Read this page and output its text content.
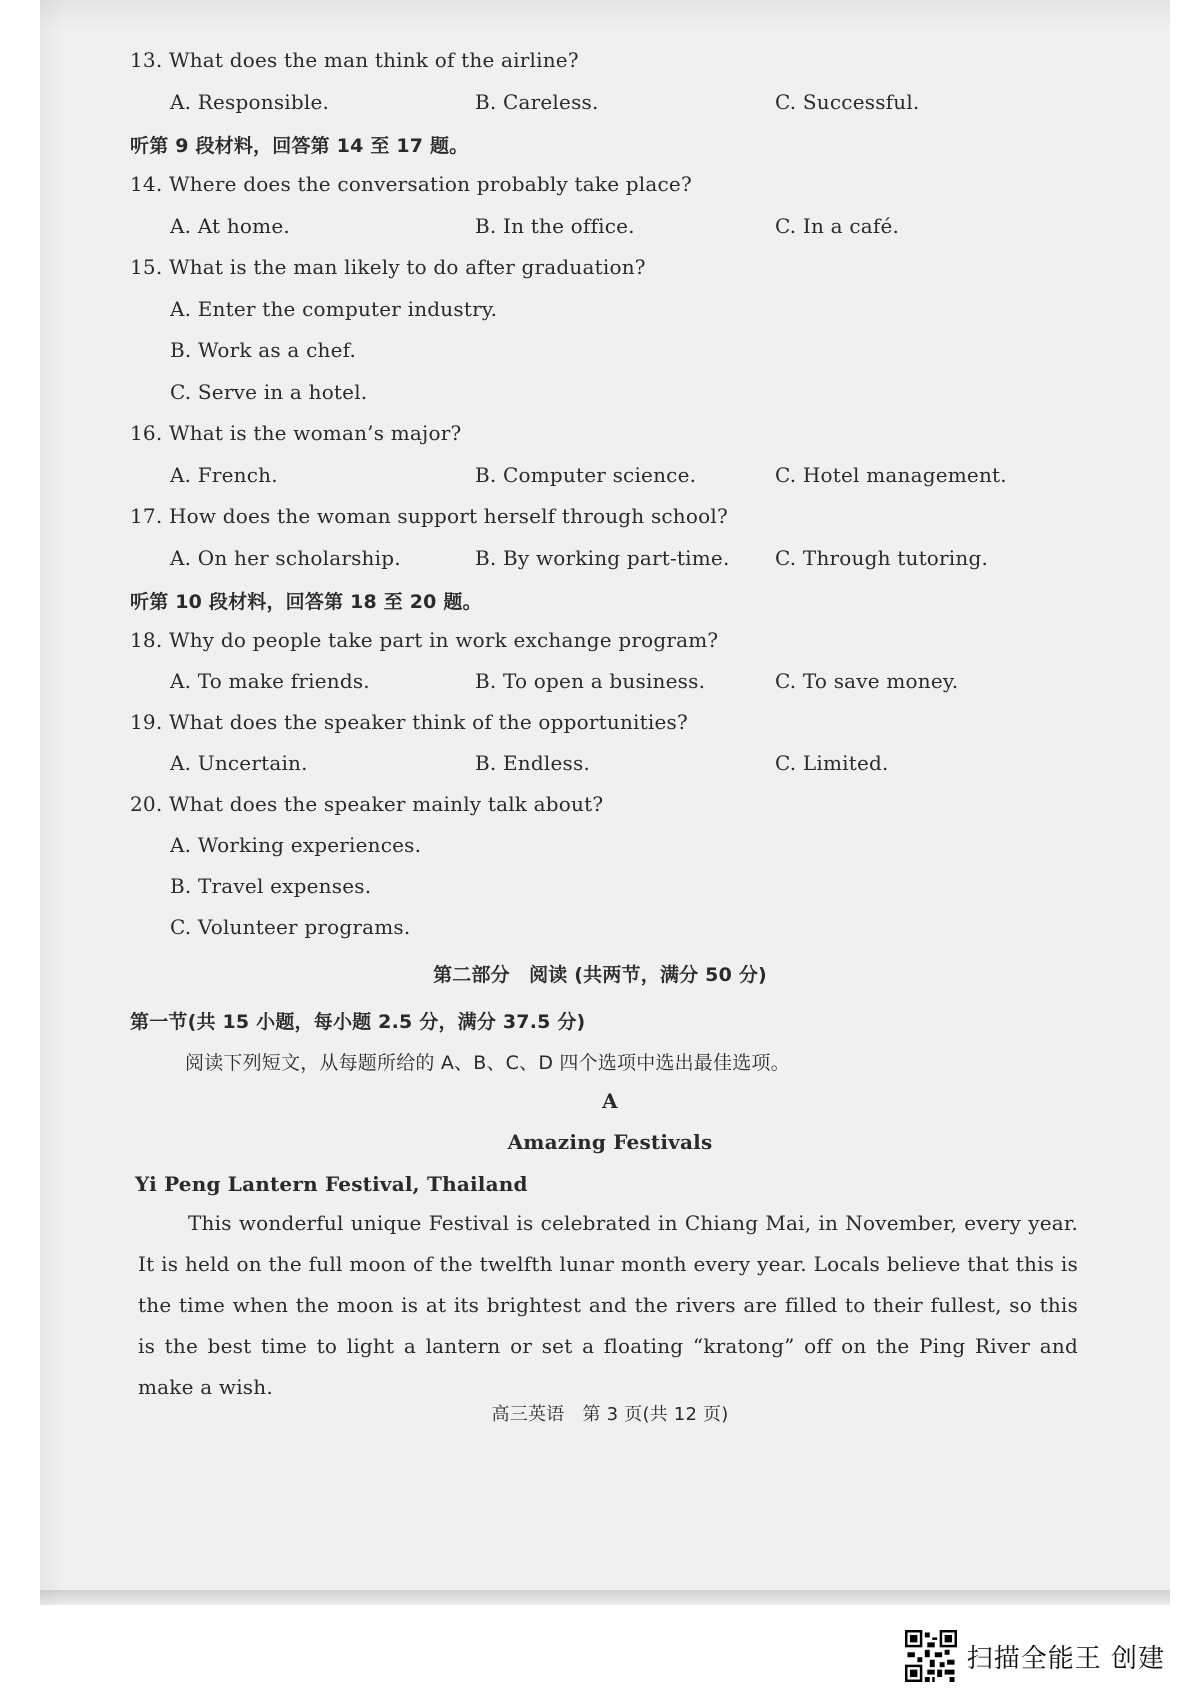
13. What does the man think of the airline?
A. Responsible.	B. Careless.	C. Successful.
听第 9 段材料，回答第 14 至 17 题。
14. Where does the conversation probably take place?
A. At home.	B. In the office.	C. In a café.
15. What is the man likely to do after graduation?
A. Enter the computer industry.
B. Work as a chef.
C. Serve in a hotel.
16. What is the woman’s major?
A. French.	B. Computer science.	C. Hotel management.
17. How does the woman support herself through school?
A. On her scholarship.	B. By working part-time. C. Through tutoring.
听第 10 段材料，回答第 18 至 20 题。
18. Why do people take part in work exchange program?
A. To make friends.	B. To open a business.	C. To save money.
19. What does the speaker think of the opportunities?
A. Uncertain.	B. Endless.	C. Limited.
20. What does the speaker mainly talk about?
A. Working experiences.
B. Travel expenses.
C. Volunteer programs.
第二部分　阅读 (共两节，满分 50 分)
第一节(共 15 小题，每小题 2.5 分，满分 37.5 分)
阅读下列短文，从每题所给的 A、B、C、D 四个选项中选出最佳选项。
A
Amazing Festivals
Yi Peng Lantern Festival, Thailand
This wonderful unique Festival is celebrated in Chiang Mai, in November, every year. It is held on the full moon of the twelfth lunar month every year. Locals believe that this is the time when the moon is at its brightest and the rivers are filled to their fullest, so this is the best time to light a lantern or set a floating “kratong” off on the Ping River and make a wish.
高三英语　第 3 页(共 12 页)
扫描全能王 创建
